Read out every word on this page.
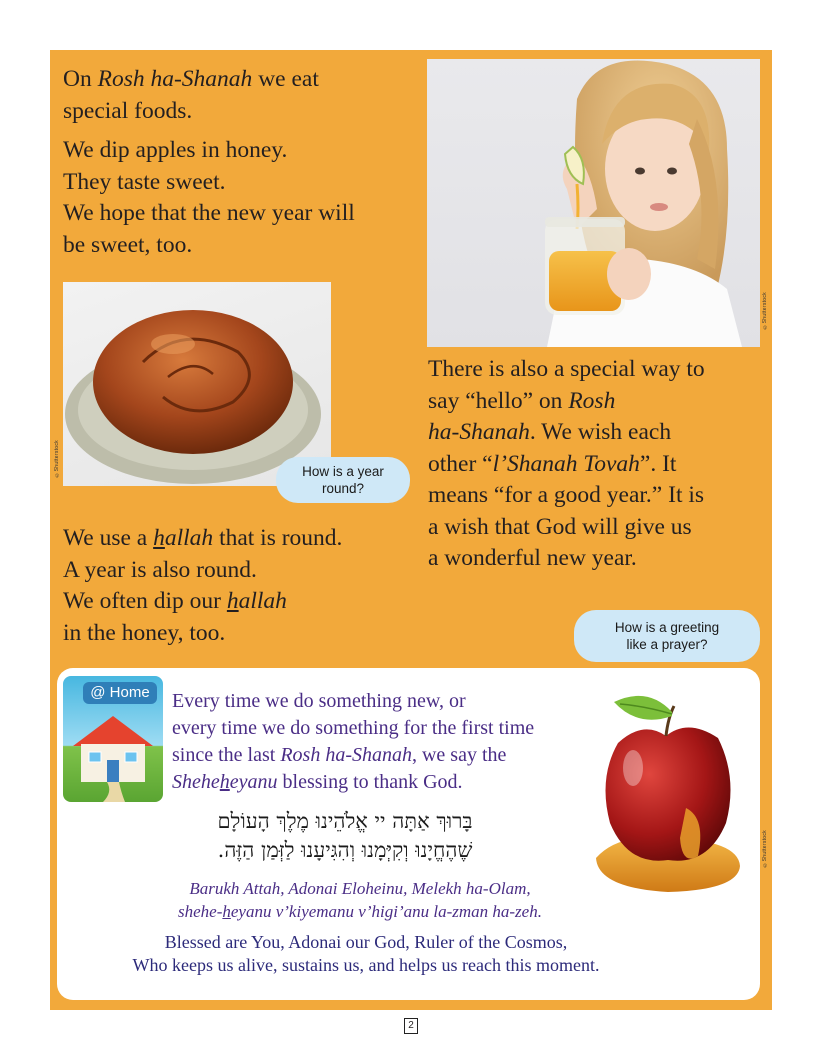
On Rosh ha-Shanah we eat

special foods.

We dip apples in honey.

They taste sweet.

We hope that the new year will

be sweet, too.

©Shutterstock
©Shutterstock	How is a year
round?

We use a hallah that is round.

A year is also round.

We often dip our hallah

in the honey, too.

There is also a special way to

say “hello” on Rosh

ha-Shanah. We wish each

other “l’Shanah Tovah”. It

means “for a good year.” It is

a wish that God will give us

a wonderful new year.

How is a greeting
like a prayer?
@ Home	Every time we do something new, or
every time we do something for the first time
since the last Rosh ha-Shanah, we say the
Sheheheyanu blessing to thank God.
בָּרוּךְ אַתָּה יי אֱלֹהֵינוּ מֶלֶךְ הָעוֹלָם
שֶׁהֶחֱיָנוּ וְקִיְּמָנוּ וְהִגִּיעָנוּ לַזְּמַן הַזֶּה.
Barukh Attah, Adonai Eloheinu, Melekh ha-Olam,
shehe-heyanu v’kiyemanu v’higi’anu la-zman ha-zeh.
Blessed are You, Adonai our God, Ruler of the Cosmos,
Who keeps us alive, sustains us, and helps us reach this moment.
©Shutterstock
2
